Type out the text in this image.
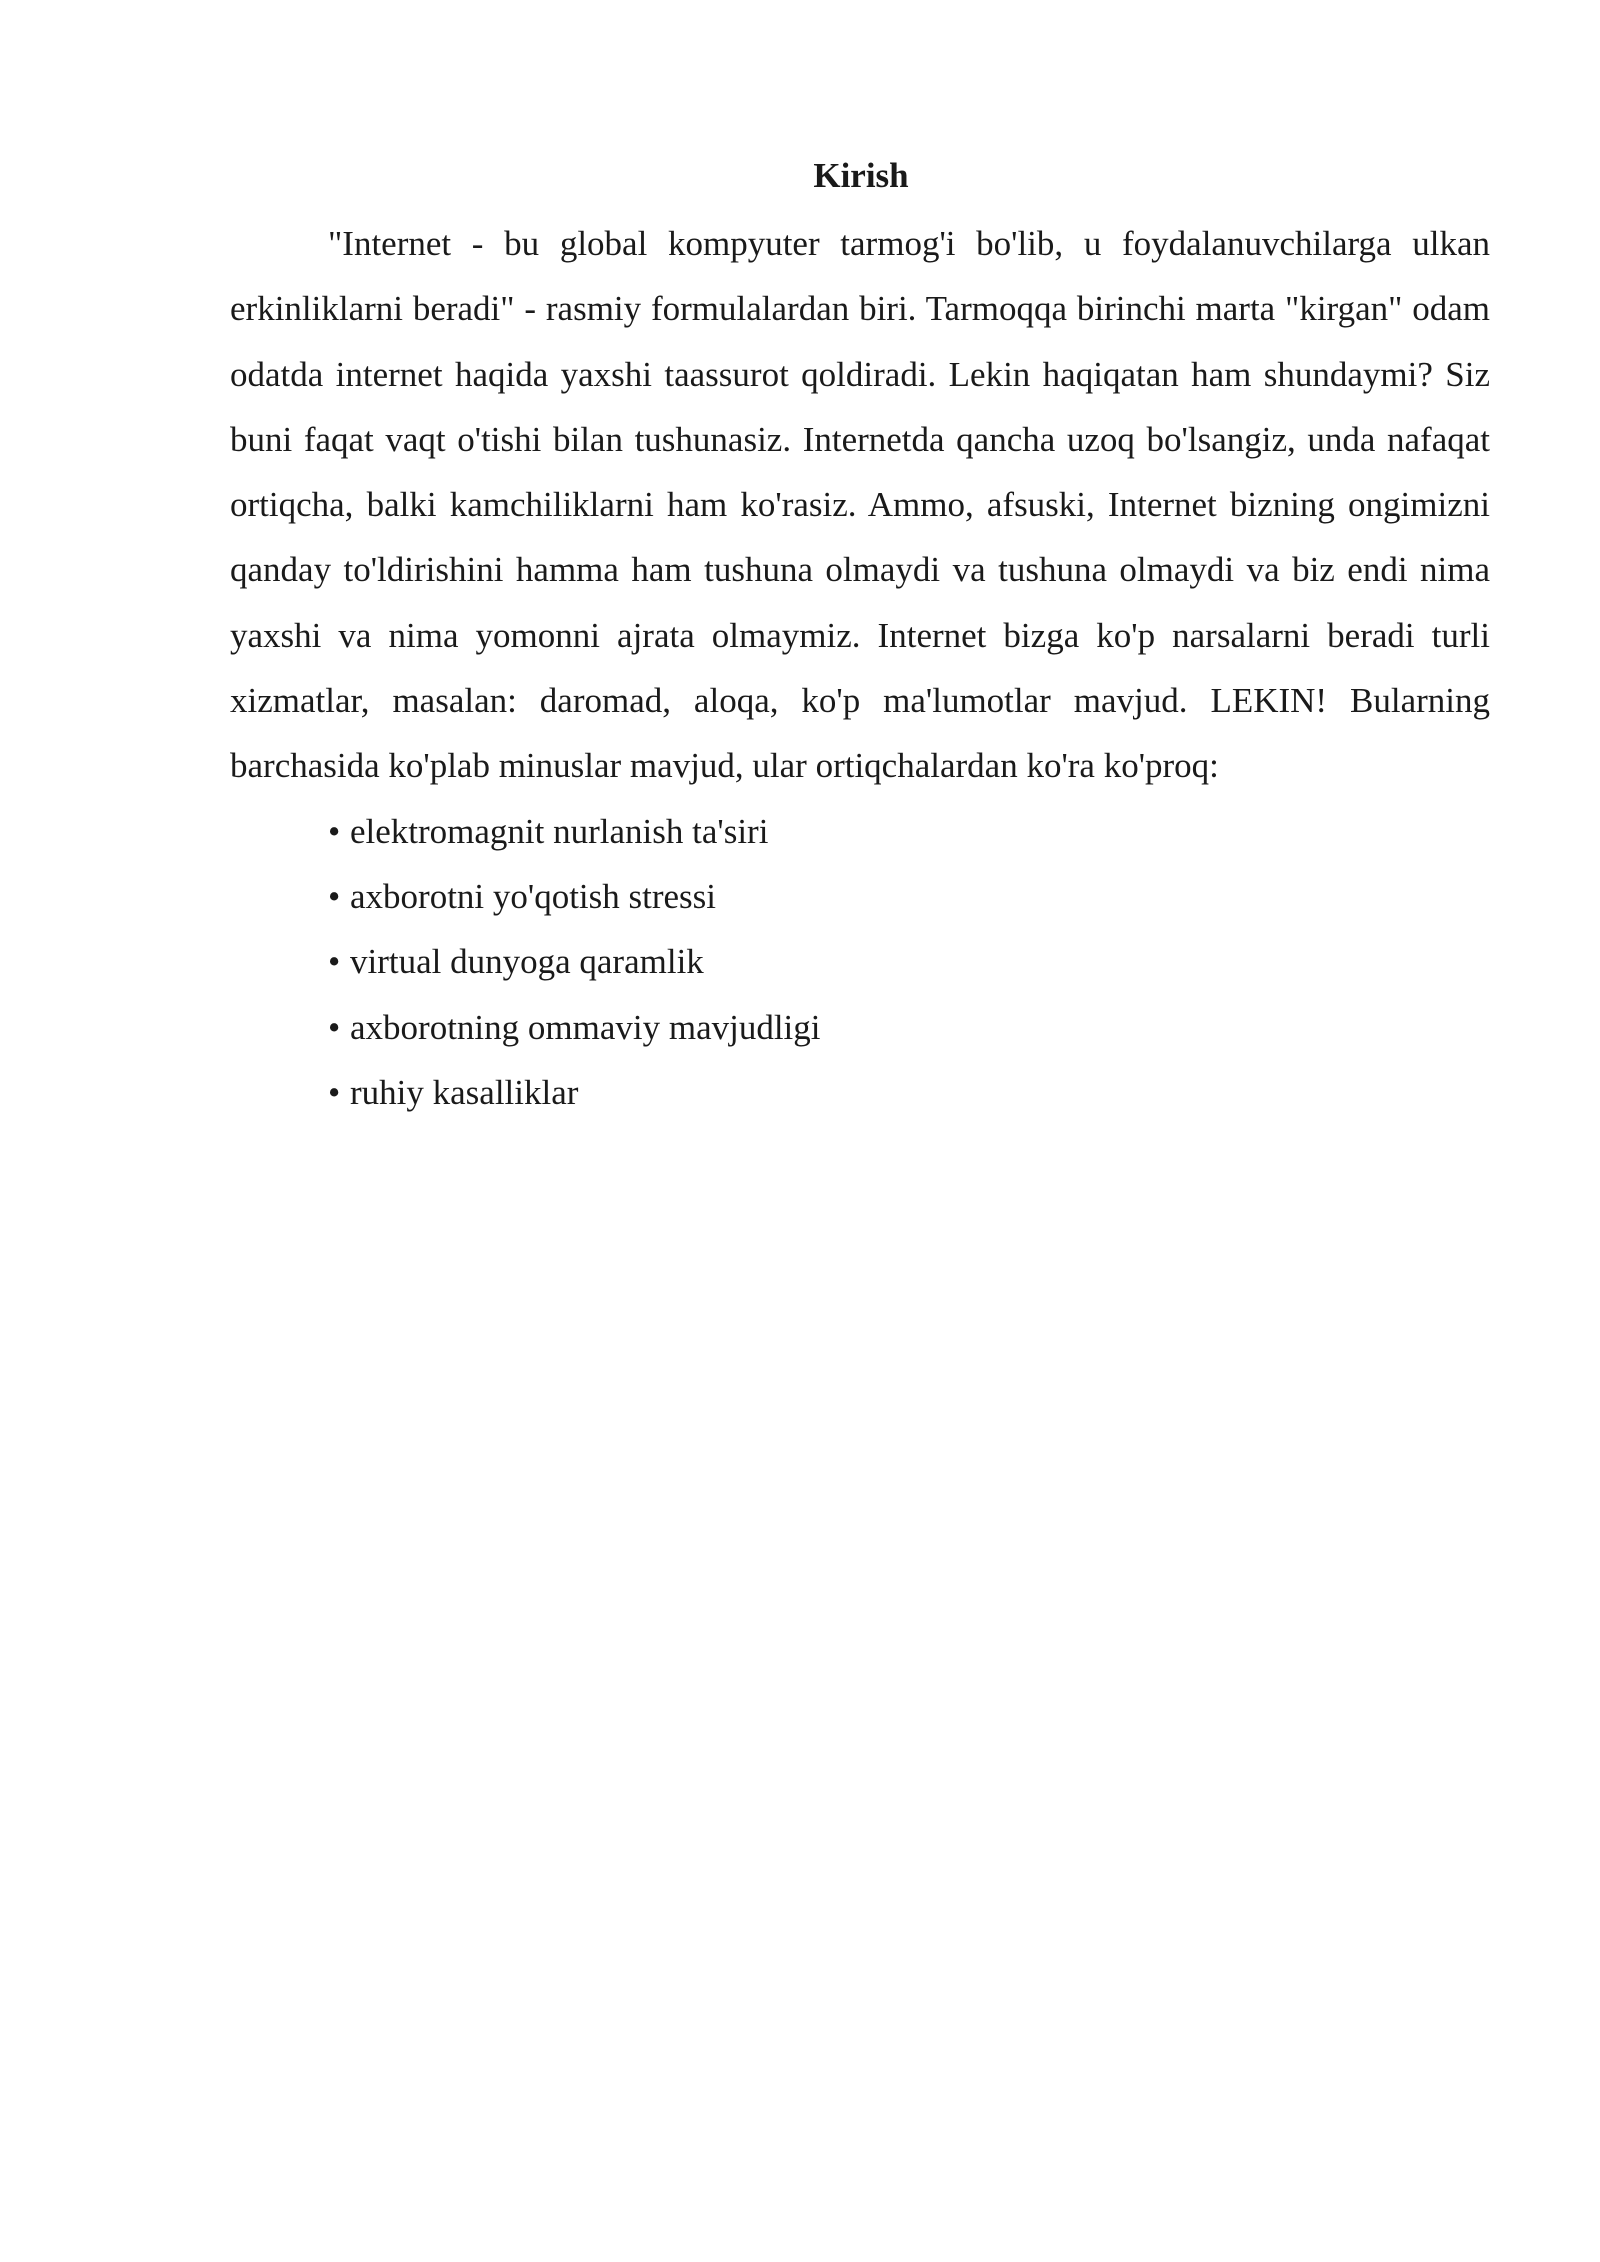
Kirish

"Internet - bu global kompyuter tarmog'i bo'lib, u foydalanuvchilarga ulkan erkinliklarni beradi" - rasmiy formulalardan biri. Tarmoqqa birinchi marta "kirgan" odam odatda internet haqida yaxshi taassurot qoldiradi. Lekin haqiqatan ham shundaymi? Siz buni faqat vaqt o'tishi bilan tushunasiz. Internetda qancha uzoq bo'lsangiz, unda nafaqat ortiqcha, balki kamchiliklarni ham ko'rasiz. Ammo, afsuski, Internet bizning ongimizni qanday to'ldirishini hamma ham tushuna olmaydi va tushuna olmaydi va biz endi nima yaxshi va nima yomonni ajrata olmaymiz. Internet bizga ko'p narsalarni beradi turli xizmatlar, masalan: daromad, aloqa, ko'p ma'lumotlar mavjud. LEKIN! Bularning barchasida ko'plab minuslar mavjud, ular ortiqchalardan ko'ra ko'proq:

• elektromagnit nurlanish ta'siri
• axborotni yo'qotish stressi
• virtual dunyoga qaramlik
• axborotning ommaviy mavjudligi
• ruhiy kasalliklar
